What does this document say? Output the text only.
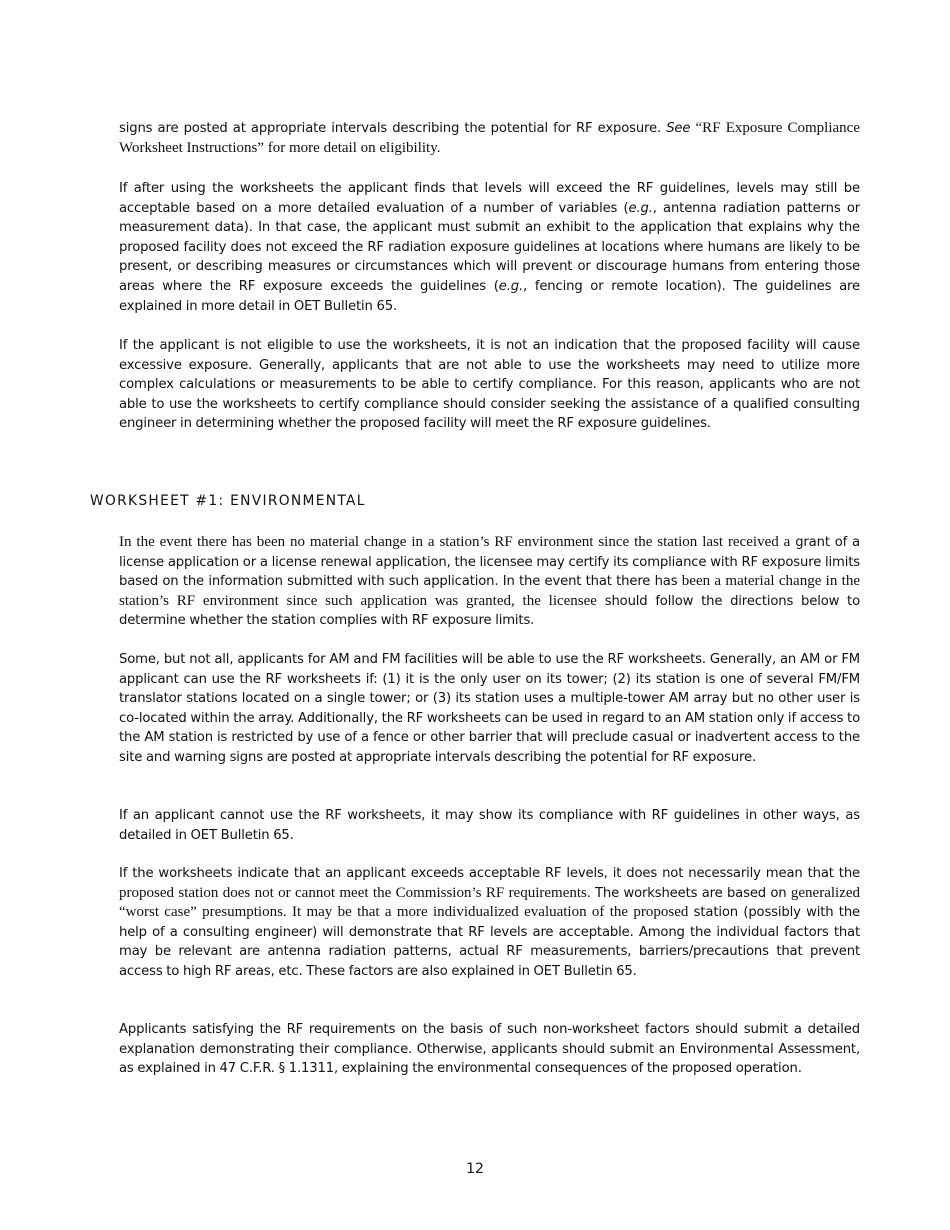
signs are posted at appropriate intervals describing the potential for RF exposure. See “RF Exposure Compliance Worksheet Instructions” for more detail on eligibility.

If after using the worksheets the applicant finds that levels will exceed the RF guidelines, levels may still be acceptable based on a more detailed evaluation of a number of variables (e.g., antenna radiation patterns or measurement data). In that case, the applicant must submit an exhibit to the application that explains why the proposed facility does not exceed the RF radiation exposure guidelines at locations where humans are likely to be present, or describing measures or circumstances which will prevent or discourage humans from entering those areas where the RF exposure exceeds the guidelines (e.g., fencing or remote location). The guidelines are explained in more detail in OET Bulletin 65.

If the applicant is not eligible to use the worksheets, it is not an indication that the proposed facility will cause excessive exposure. Generally, applicants that are not able to use the worksheets may need to utilize more complex calculations or measurements to be able to certify compliance. For this reason, applicants who are not able to use the worksheets to certify compliance should consider seeking the assistance of a qualified consulting engineer in determining whether the proposed facility will meet the RF exposure guidelines.

WORKSHEET #1: ENVIRONMENTAL

In the event there has been no material change in a station’s RF environment since the station last received a grant of a license application or a license renewal application, the licensee may certify its compliance with RF exposure limits based on the information submitted with such application. In the event that there has been a material change in the station’s RF environment since such application was granted, the licensee should follow the directions below to determine whether the station complies with RF exposure limits.

Some, but not all, applicants for AM and FM facilities will be able to use the RF worksheets. Generally, an AM or FM applicant can use the RF worksheets if: (1) it is the only user on its tower; (2) its station is one of several FM/FM translator stations located on a single tower; or (3) its station uses a multiple-tower AM array but no other user is co-located within the array. Additionally, the RF worksheets can be used in regard to an AM station only if access to the AM station is restricted by use of a fence or other barrier that will preclude casual or inadvertent access to the site and warning signs are posted at appropriate intervals describing the potential for RF exposure.

If an applicant cannot use the RF worksheets, it may show its compliance with RF guidelines in other ways, as detailed in OET Bulletin 65.

If the worksheets indicate that an applicant exceeds acceptable RF levels, it does not necessarily mean that the proposed station does not or cannot meet the Commission’s RF requirements. The worksheets are based on generalized “worst case” presumptions. It may be that a more individualized evaluation of the proposed station (possibly with the help of a consulting engineer) will demonstrate that RF levels are acceptable. Among the individual factors that may be relevant are antenna radiation patterns, actual RF measurements, barriers/precautions that prevent access to high RF areas, etc. These factors are also explained in OET Bulletin 65.

Applicants satisfying the RF requirements on the basis of such non-worksheet factors should submit a detailed explanation demonstrating their compliance. Otherwise, applicants should submit an Environmental Assessment, as explained in 47 C.F.R. § 1.1311, explaining the environmental consequences of the proposed operation.

12
